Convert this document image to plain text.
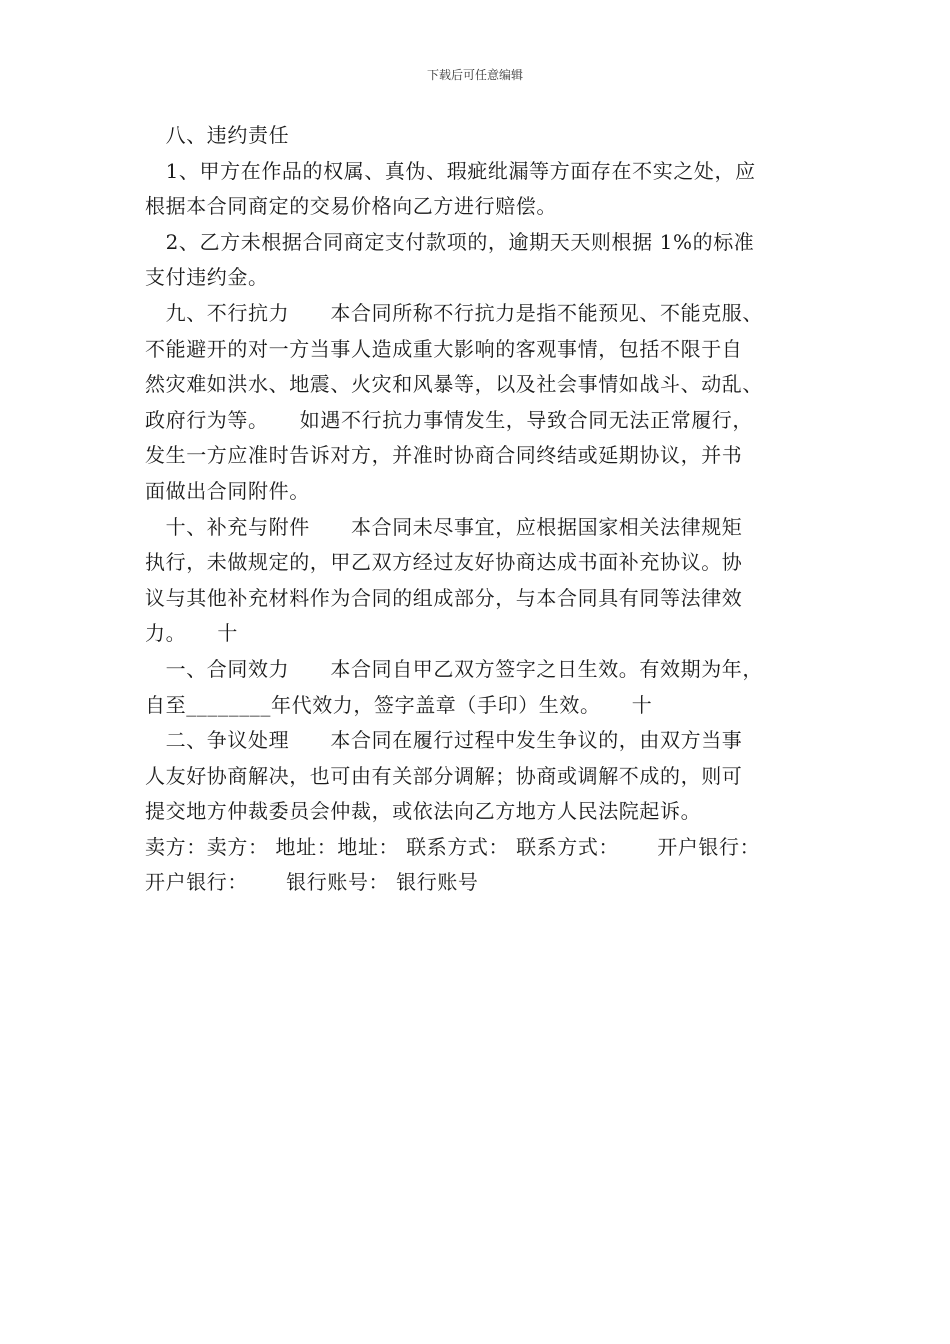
下载后可任意编辑
　八、违约责任
　1、甲方在作品的权属、真伪、瑕疵纰漏等方面存在不实之处，应
根据本合同商定的交易价格向乙方进行赔偿。
　2、乙方未根据合同商定支付款项的，逾期天天则根据 1%的标准
支付违约金。
　九、不行抗力　　本合同所称不行抗力是指不能预见、不能克服、
不能避开的对一方当事人造成重大影响的客观事情，包括不限于自
然灾难如洪水、地震、火灾和风暴等，以及社会事情如战斗、动乱、
政府行为等。　　如遇不行抗力事情发生，导致合同无法正常履行，
发生一方应准时告诉对方，并准时协商合同终结或延期协议，并书
面做出合同附件。
　十、补充与附件　　本合同未尽事宜，应根据国家相关法律规矩
执行，未做规定的，甲乙双方经过友好协商达成书面补充协议。协
议与其他补充材料作为合同的组成部分，与本合同具有同等法律效
力。　　十
　一、合同效力　　本合同自甲乙双方签字之日生效。有效期为年，
自至________年代效力，签字盖章（手印）生效。　　十
　二、争议处理　　本合同在履行过程中发生争议的，由双方当事
人友好协商解决，也可由有关部分调解；协商或调解不成的，则可
提交地方仲裁委员会仲裁，或依法向乙方地方人民法院起诉。
卖方：卖方： 地址：地址： 联系方式： 联系方式：　　 开户银行：
开户银行：　　 银行账号： 银行账号
